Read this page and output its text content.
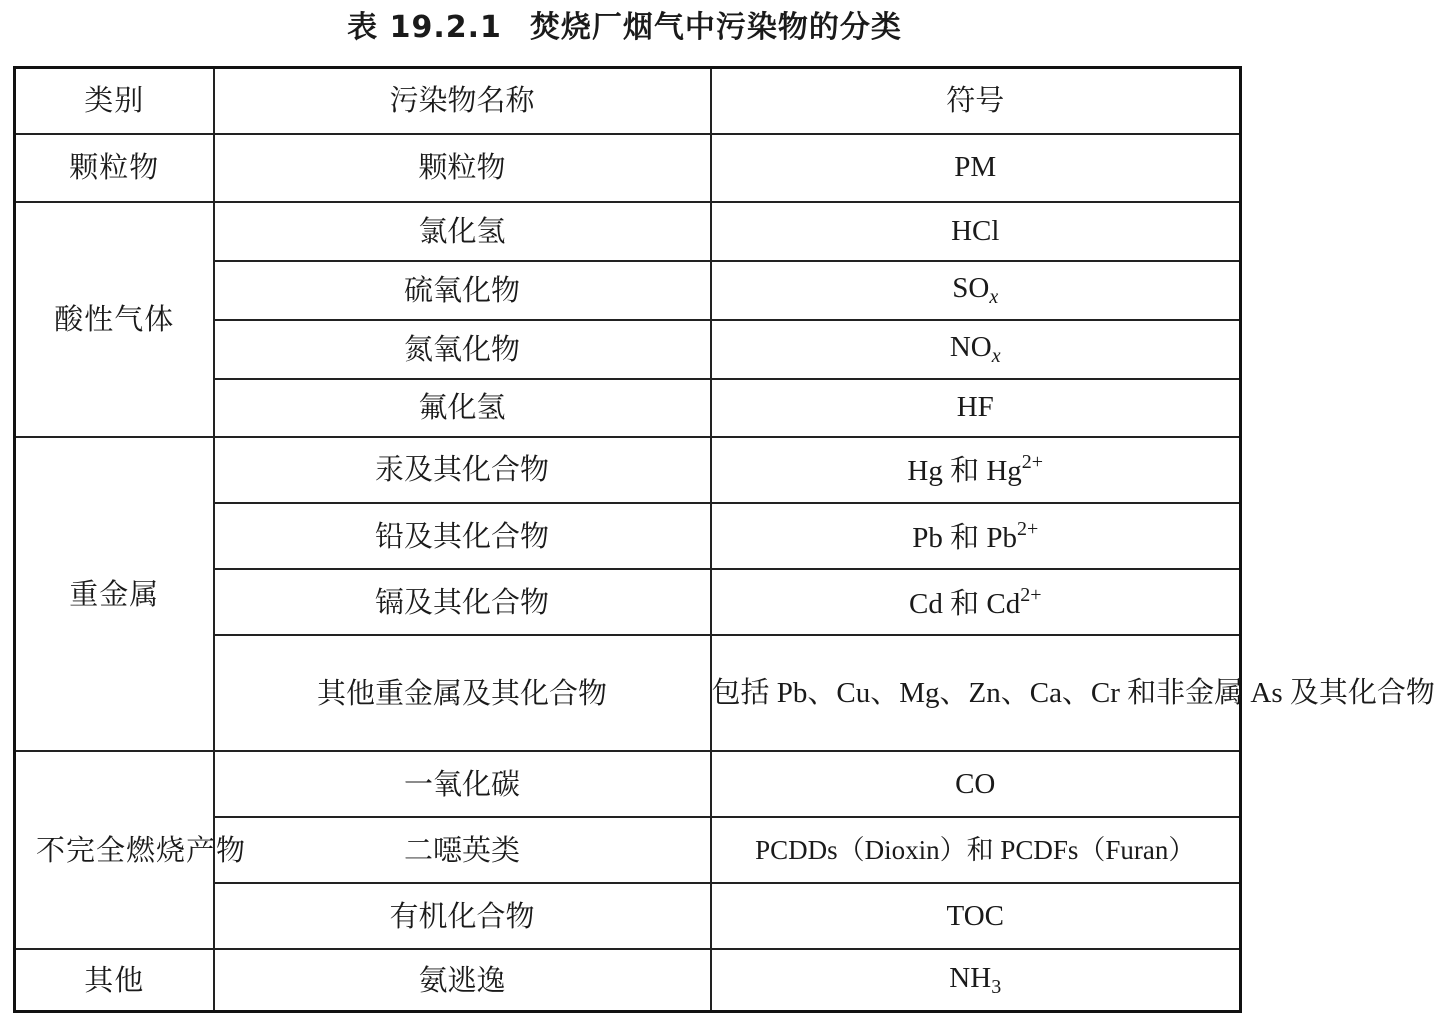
表 19.2.1 焚烧厂烟气中污染物的分类
类别	污染物名称	符号
颗粒物	颗粒物	PM
酸性气体	氯化氢	HCl
	硫氧化物	$SO_x$
	氮氧化物	$NO_x$
	氟化氢	HF
重金属	汞及其化合物	Hg 和 $Hg^{2+}$
	铅及其化合物	Pb 和 $Pb^{2+}$
	镉及其化合物	Cd 和 $Cd^{2+}$
	其他重金属及其化合物	包括 Pb、Cu、Mg、Zn、Ca、Cr 和非金属 As 及其化合物
不完全燃烧产物	一氧化碳	CO
	二噁英类	PCDDs（Dioxin）和 PCDFs（Furan）
	有机化合物	TOC
其他	氨逃逸	$NH_3$
